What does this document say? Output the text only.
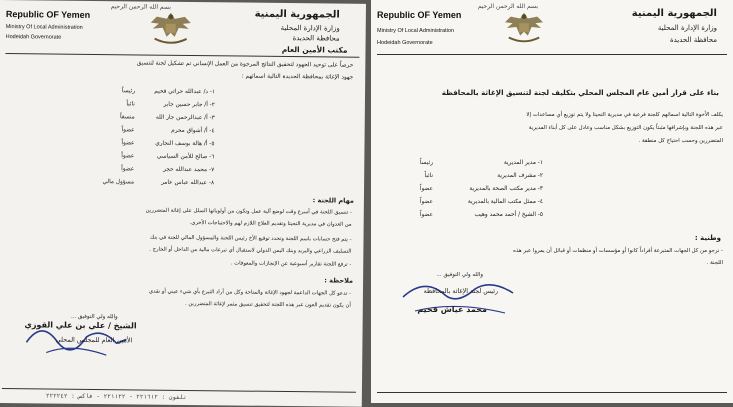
Republic OF Yemen
Ministry Of Local Administration
Hodeidah Governorate
بسم الله الرحمن الرحيم
الجمهورية اليمنية
وزارة الإدارة المحلية
محافظة الحديدة
مكتب الأمين العام
حرصاً على توحيد الجهود لتحقيق النتائج المرجوة من العمل الإنساني تم تشكيل لجنة لتنسيق
جهود الإغاثة بمحافظة الحديدة التالية اسمائهم :
١- د/ عبدالله حراثي قحيم
رئيساً
٢- أ/ جابر حسين جابر
نائباً
٣- أ/ عبدالرحمن جار الله
منسقاً
٤- أ/ أشواق محرم
عضواً
٥- أ/ هالة بوسف النجاري
عضواً
٦- صالح للأمن السياسي
عضواً
٧- محمد عبدالله حجر
عضواً
٨- عبدالله عباس عامر
مسؤول مالي
مهام اللجنة :
- تنسيق اللجنة في أسرع وقت لوضع آلية عمل وتكون من أولوياتها السلل على إغاثة المتضررين
من العدوان في مديرية التحيتا وتقديم العلاج اللازم لهم والاحتياجات الأخرى.
- يتم فتح حسابات باسم اللجنة وتحدد توقيع الأخ رئيس اللجنة والمسؤول المالي للجنة في بنك
التسليف الزراعي والبريد وبنك اليمن الدولي لاستقبال أي تبرعات مالية من الداخل أو الخارج .
- ترفع اللجنة تقارير أسبوعية عن الإنجازات والمعوقات .
ملاحظة :
- تدعو كل الجهات الداعمة لجهود الإغاثة والمتاحة وكل من أراد التبرع بأي شيء عيني أو نقدي
أن يكون تقديم العون عبر هذه اللجنة لتحقيق تنسيق مثمر لإغاثة المتضررين .
والله ولي التوفيق ...
الشيخ / علي بن علي القوزي
الأمين العام للمجلس المحلي
تلفون : ٢٢١٦١٢ - ٢٢١١٢٢ - فاكس : ٢٢٢٢٤٢
Republic OF Yemen
Ministry Of Local Administration
Hodeidah Governorate
بسم الله الرحمن الرحيم
الجمهورية اليمنية
وزارة الإدارة المحلية
محافظة الحديدة
بناء على قرار أمين عام المجلس المحلي بتكليف لجنة لتنسيق الإغاثة بالمحافظة
يكلف الأخوة التالية اسمائهم كلجنة فرعية في مديرية التحيتا ولا يتم توزيع أي مساعدات إلا
عبر هذه اللجنة وبإشرافها مثبتاً يكون التوزيع بشكل مناسب وعادل على كل أبناء المديرية
المتضررين وحسب احتياج كل منطقة .
١- مدير المديرية
رئيساً
٢- مشرف المديرية
نائباً
٣- مدير مكتب الصحة بالمديرية
عضواً
٤- ممثل مكتب المالية بالمديرية
عضواً
٥- الشيخ / أحمد محمد وهيب
عضواً
وطنية :
- نرجو من كل الجهات المتبرعة أفراداً كانوا أو مؤسسات أو منظمات أو قبائل أن يمروا عبر هذه
اللجنة .
والله ولي التوفيق ...
رئيس لجنة الإغاثة بالمحافظة
محمد عياش قحيم
